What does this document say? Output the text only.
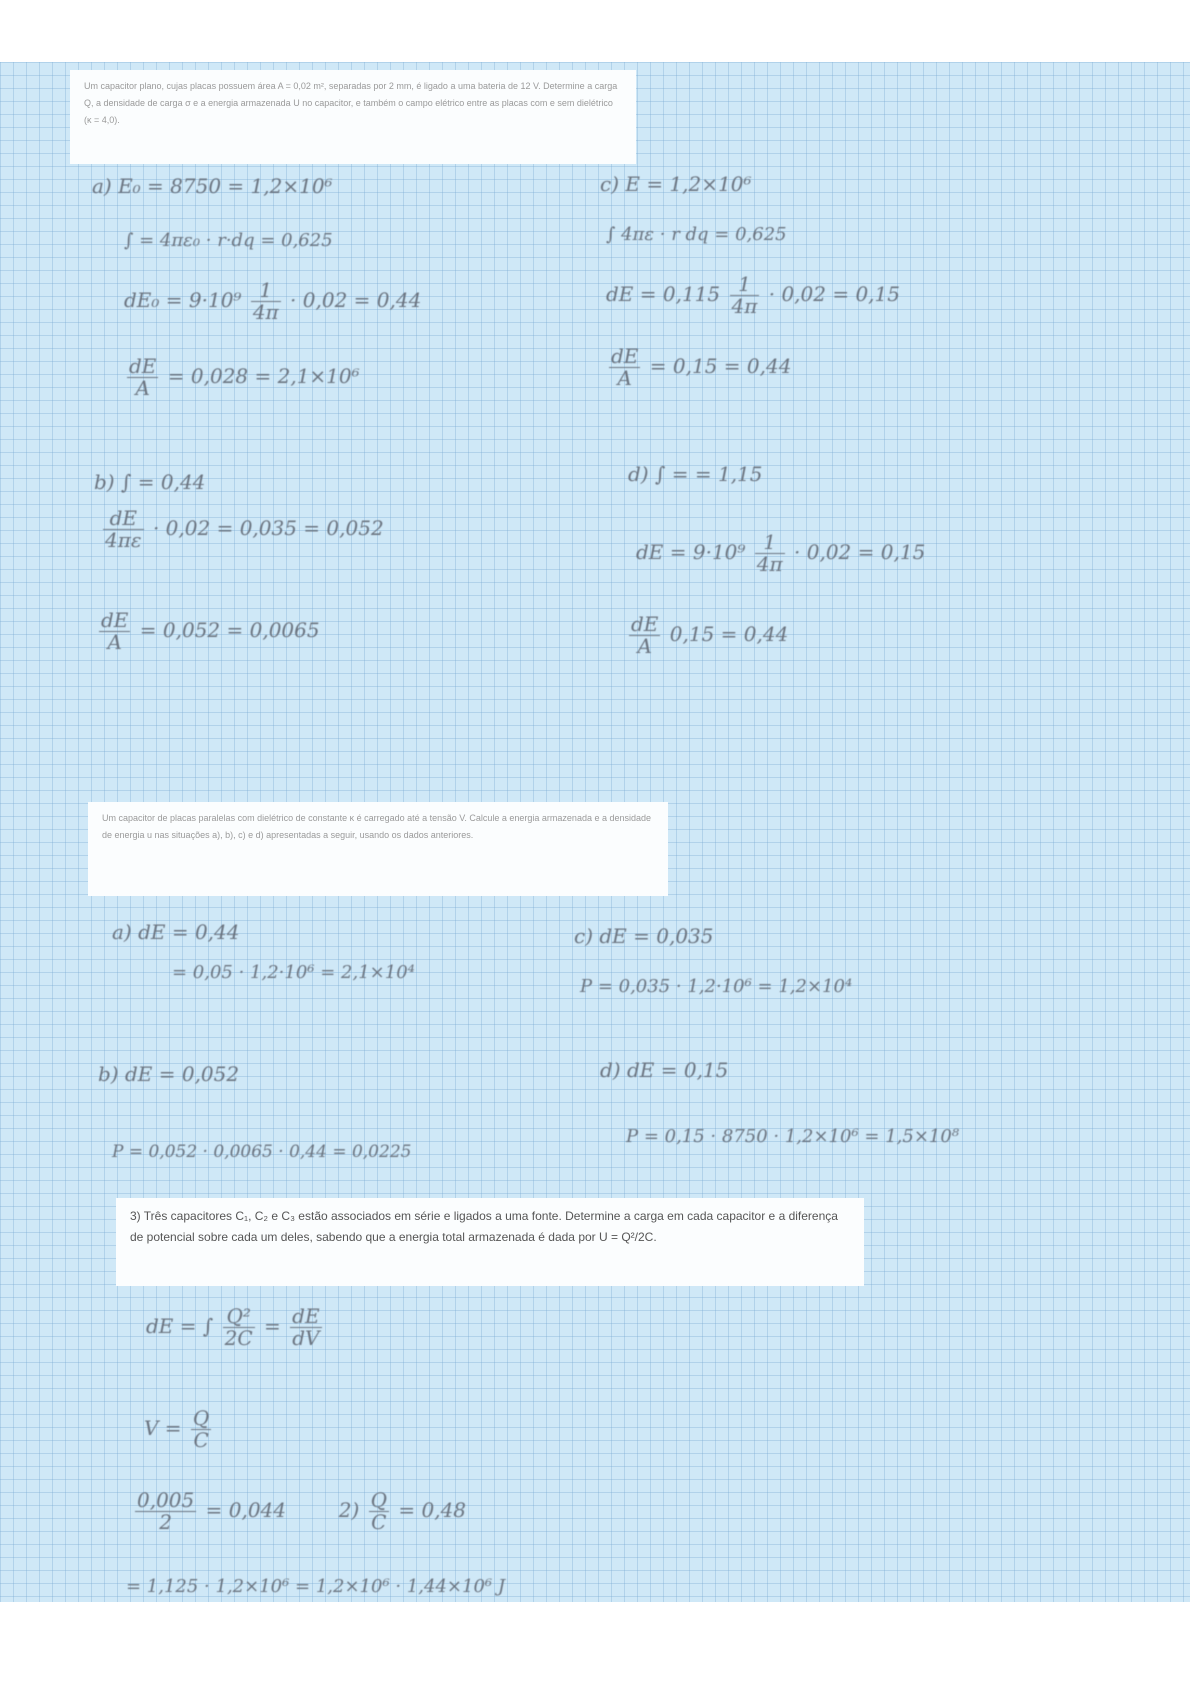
Um capacitor plano, cujas placas possuem área A = 0,02 m², separadas por 2 mm, é ligado a uma bateria de 12 V. Determine a carga Q, a densidade de carga σ e a energia armazenada U no capacitor, e também o campo elétrico entre as placas com e sem dielétrico (κ = 4,0).
a) E₀ = 8750 = 1,2×10⁶
∫ = 4πε₀ · r·dq = 0,625
$dE_0 = 9\cdot 10^9 \frac{1}{4\pi} \cdot 0,02 = 0,44$
$\frac{dE}{A} = 0,028 = 2,1\times 10^6$
c) E = 1,2×10⁶
∫ 4πε · r dq = 0,625
dE = $0,115 \frac{1}{4\pi} \cdot 0,02 = 0,15$
$\frac{dE}{A} = 0,15 = 0,44$
b) ∫ = 0,44
$\frac{dE}{4\pi\varepsilon} \cdot 0,02 = 0,035 = 0,052$
$\frac{dE}{A} = 0,052 = 0,0065$
d) ∫ = = 1,15
dE = $9\cdot 10^9 \frac{1}{4\pi} \cdot 0,02 = 0,15$
$\frac{dE}{A} 0,15 = 0,44$
Um capacitor de placas paralelas com dielétrico de constante κ é carregado até a tensão V. Calcule a energia armazenada e a densidade de energia u nas situações a), b), c) e d) apresentadas a seguir, usando os dados anteriores.
a) dE = 0,44
= 0,05 · 1,2·10⁶ = 2,1×10⁴
c) dE = 0,035
P = 0,035 · 1,2·10⁶ = 1,2×10⁴
b) dE = 0,052
P = 0,052 · 0,0065 · 0,44 = 0,0225
d) dE = 0,15
P = 0,15 · 8750 · 1,2×10⁶ = 1,5×10⁸
3) Três capacitores C₁, C₂ e C₃ estão associados em série e ligados a uma fonte. Determine a carga em cada capacitor e a diferença de potencial sobre cada um deles, sabendo que a energia total armazenada é dada por U = Q²/2C.
dE = ∫ $\frac{\text{Q²}}{2C} = \frac{dE}{dV}$
$V = \frac{Q}{C}$
$\frac{0,005}{2} = 0,044$	$2) \frac{Q}{C} = 0,48$
= 1,125 · 1,2×10⁶ = 1,2×10⁶ · 1,44×10⁶ J
